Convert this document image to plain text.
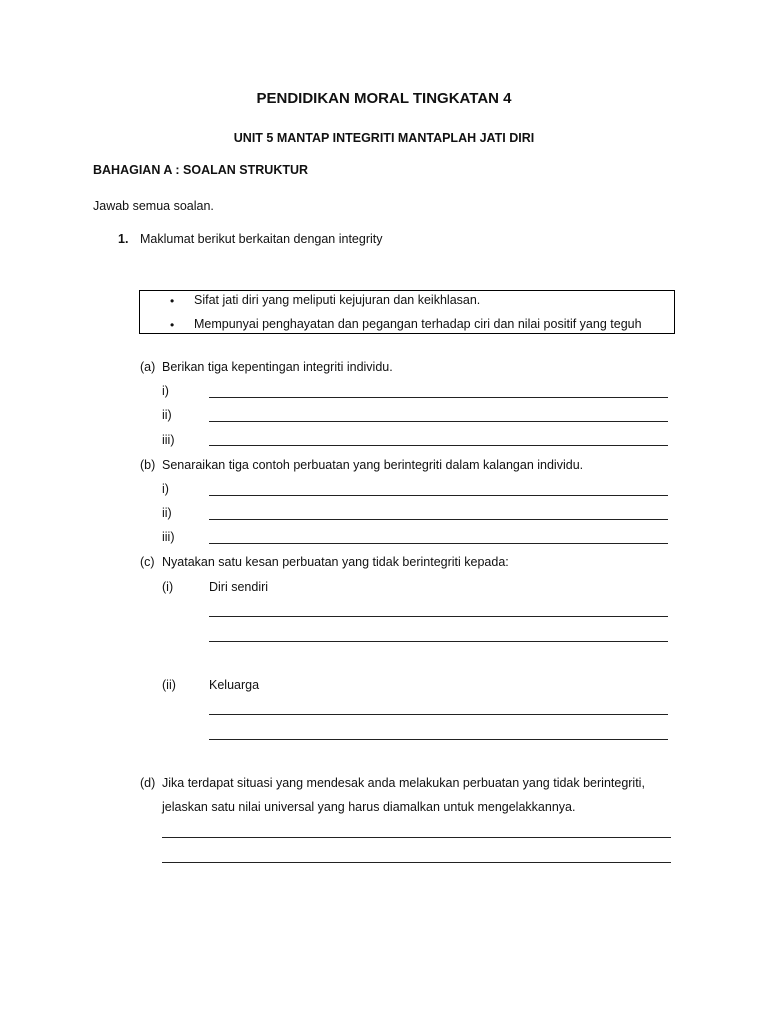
PENDIDIKAN MORAL TINGKATAN 4
UNIT 5 MANTAP INTEGRITI MANTAPLAH JATI DIRI
BAHAGIAN A : SOALAN STRUKTUR
Jawab semua soalan.
1. Maklumat berikut berkaitan dengan integrity
• Sifat jati diri yang meliputi kejujuran dan keikhlasan.
• Mempunyai penghayatan dan pegangan terhadap ciri dan nilai positif yang teguh
(a) Berikan tiga kepentingan integriti individu.
i)
ii)
iii)
(b) Senaraikan tiga contoh perbuatan yang berintegriti dalam kalangan individu.
i)
ii)
iii)
(c) Nyatakan satu kesan perbuatan yang tidak berintegriti kepada:
(i)	Diri sendiri
(ii)	Keluarga
(d) Jika terdapat situasi yang mendesak anda melakukan perbuatan yang tidak berintegriti,
jelaskan satu nilai universal yang harus diamalkan untuk mengelakkannya.
